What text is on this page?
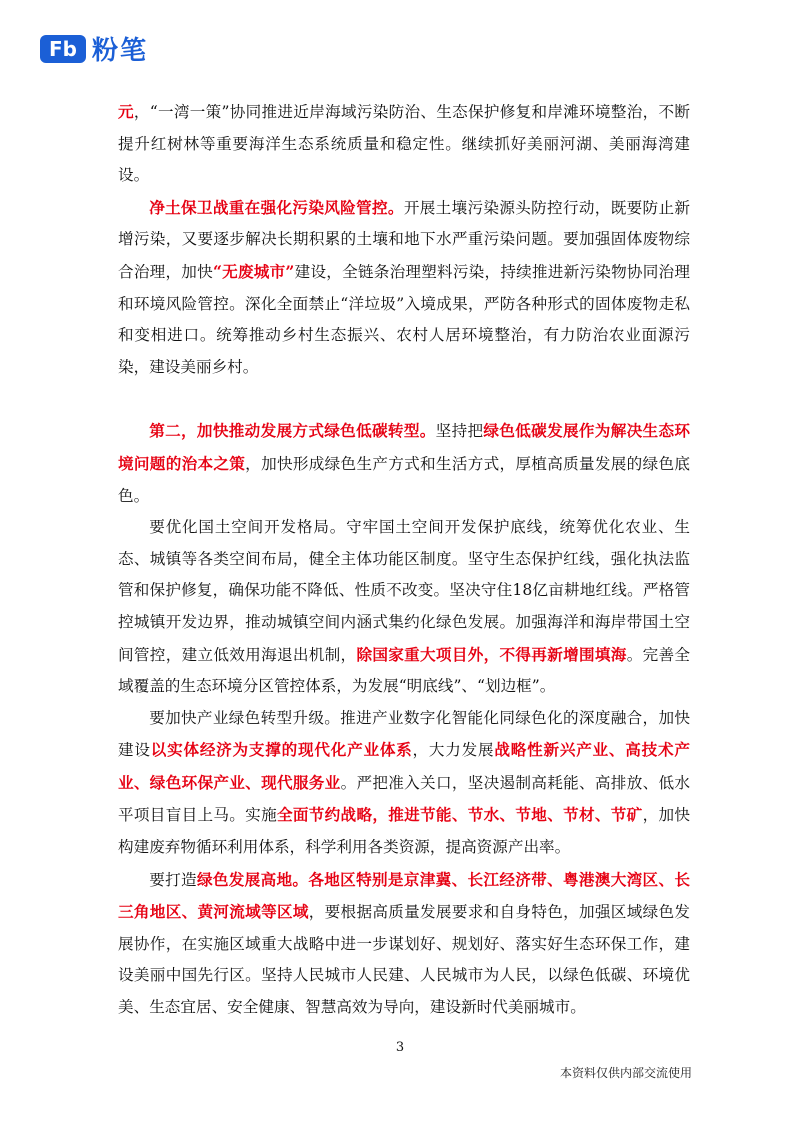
Fb 粉笔

元，“一湾一策”协同推进近岸海域污染防治、生态保护修复和岸滩环境整治，不断提升红树林等重要海洋生态系统质量和稳定性。继续抓好美丽河湖、美丽海湾建设。

净土保卫战重在强化污染风险管控。开展土壤污染源头防控行动，既要防止新增污染，又要逐步解决长期积累的土壤和地下水严重污染问题。要加强固体废物综合治理，加快“无废城市”建设，全链条治理塑料污染，持续推进新污染物协同治理和环境风险管控。深化全面禁止“洋垃圾”入境成果，严防各种形式的固体废物走私和变相进口。统筹推动乡村生态振兴、农村人居环境整治，有力防治农业面源污染，建设美丽乡村。

第二，加快推动发展方式绿色低碳转型。坚持把绿色低碳发展作为解决生态环境问题的治本之策，加快形成绿色生产方式和生活方式，厚植高质量发展的绿色底色。

要优化国土空间开发格局。守牢国土空间开发保护底线，统筹优化农业、生态、城镇等各类空间布局，健全主体功能区制度。坚守生态保护红线，强化执法监管和保护修复，确保功能不降低、性质不改变。坚决守住18亿亩耕地红线。严格管控城镇开发边界，推动城镇空间内涵式集约化绿色发展。加强海洋和海岸带国土空间管控，建立低效用海退出机制，除国家重大项目外，不得再新增围填海。完善全域覆盖的生态环境分区管控体系，为发展“明底线”、“划边框”。

要加快产业绿色转型升级。推进产业数字化智能化同绿色化的深度融合，加快建设以实体经济为支撑的现代化产业体系，大力发展战略性新兴产业、高技术产业、绿色环保产业、现代服务业。严把准入关口，坚决遏制高耗能、高排放、低水平项目盲目上马。实施全面节约战略，推进节能、节水、节地、节材、节矿，加快构建废弃物循环利用体系，科学利用各类资源，提高资源产出率。

要打造绿色发展高地。各地区特别是京津冀、长江经济带、粤港澳大湾区、长三角地区、黄河流域等区域，要根据高质量发展要求和自身特色，加强区域绿色发展协作，在实施区域重大战略中进一步谋划好、规划好、落实好生态环保工作，建设美丽中国先行区。坚持人民城市人民建、人民城市为人民，以绿色低碳、环境优美、生态宜居、安全健康、智慧高效为导向，建设新时代美丽城市。

3
本资料仅供内部交流使用
